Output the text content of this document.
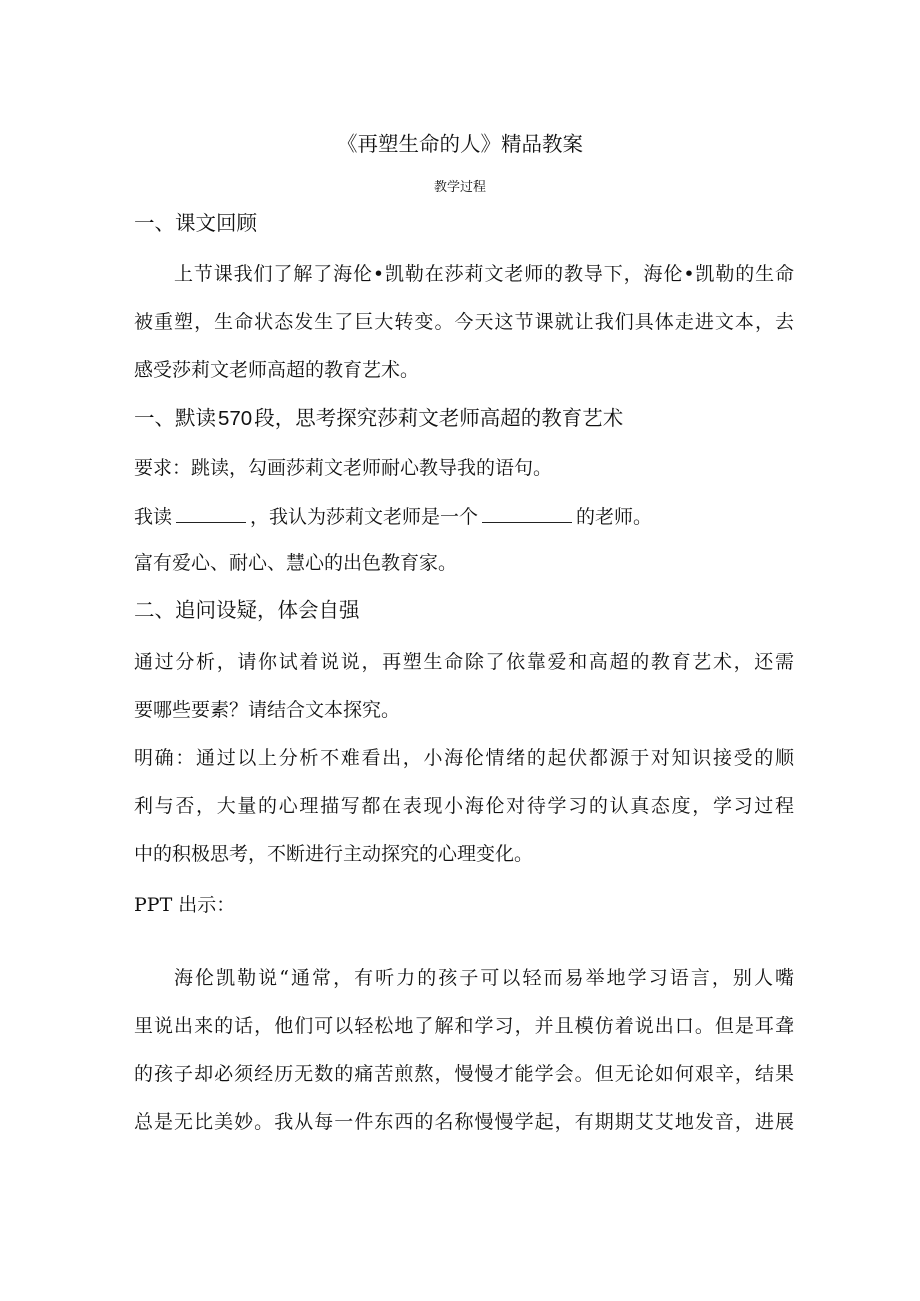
《再塑生命的人》精品教案
教学过程
一、课文回顾
上节课我们了解了海伦•凯勒在莎莉文老师的教导下，海伦•凯勒的生命
被重塑，生命状态发生了巨大转变。今天这节课就让我们具体走进文本，去
感受莎莉文老师高超的教育艺术。
一、默读570段，思考探究莎莉文老师高超的教育艺术
要求：跳读，勾画莎莉文老师耐心教导我的语句。
我读	，我认为莎莉文老师是一个	的老师。
富有爱心、耐心、慧心的出色教育家。
二、追问设疑，体会自强
通过分析，请你试着说说，再塑生命除了依靠爱和高超的教育艺术，还需
要哪些要素？请结合文本探究。
明确：通过以上分析不难看出，小海伦情绪的起伏都源于对知识接受的顺
利与否，大量的心理描写都在表现小海伦对待学习的认真态度，学习过程
中的积极思考，不断进行主动探究的心理变化。
PPT 出示：
海伦凯勒说“通常，有听力的孩子可以轻而易举地学习语言，别人嘴
里说出来的话，他们可以轻松地了解和学习，并且模仿着说出口。但是耳聋
的孩子却必须经历无数的痛苦煎熬，慢慢才能学会。但无论如何艰辛，结果
总是无比美妙。我从每一件东西的名称慢慢学起，有期期艾艾地发音，进展
